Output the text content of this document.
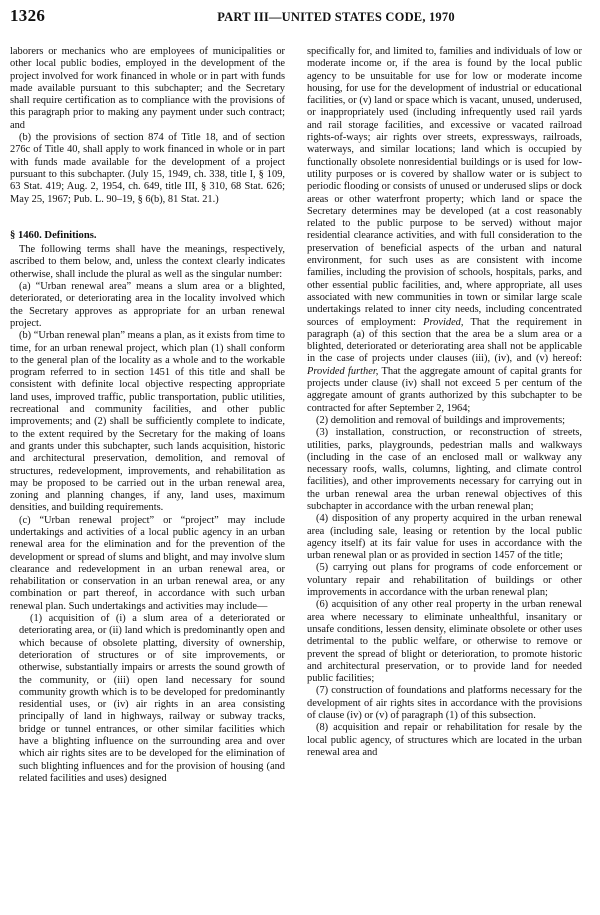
1326	PART III—UNITED STATES CODE, 1970

laborers or mechanics who are employees of municipalities or other local public bodies, employed in the development of the project involved for work financed in whole or in part with funds made available pursuant to this subchapter; and the Secretary shall require certification as to compliance with the provisions of this paragraph prior to making any payment under such contract; and

(b) the provisions of section 874 of Title 18, and of section 276c of Title 40, shall apply to work financed in whole or in part with funds made available for the development of a project pursuant to this subchapter. (July 15, 1949, ch. 338, title I, § 109, 63 Stat. 419; Aug. 2, 1954, ch. 649, title III, § 310, 68 Stat. 626; May 25, 1967; Pub. L. 90–19, § 6(b), 81 Stat. 21.)

§ 1460. Definitions.

The following terms shall have the meanings, respectively, ascribed to them below, and, unless the context clearly indicates otherwise, shall include the plural as well as the singular number:

(a) “Urban renewal area” means a slum area or a blighted, deteriorated, or deteriorating area in the locality involved which the Secretary approves as appropriate for an urban renewal project.

(b) “Urban renewal plan” means a plan, as it exists from time to time, for an urban renewal project, which plan (1) shall conform to the general plan of the locality as a whole and to the workable program referred to in section 1451 of this title and shall be consistent with definite local objective respecting appropriate land uses, improved traffic, public transportation, public utilities, recreational and community facilities, and other public improvements; and (2) shall be sufficiently complete to indicate, to the extent required by the Secretary for the making of loans and grants under this subchapter, such lands acquisition, historic and architectural preservation, demolition, and removal of structures, redevelopment, improvements, and rehabilitation as may be proposed to be carried out in the urban renewal area, zoning and planning changes, if any, land uses, maximum densities, and building requirements.

(c) “Urban renewal project” or “project” may include undertakings and activities of a local public agency in an urban renewal area for the elimination and for the prevention of the development or spread of slums and blight, and may involve slum clearance and redevelopment in an urban renewal area, or rehabilitation or conservation in an urban renewal area, or any combination or part thereof, in accordance with such urban renewal plan. Such undertakings and activities may include—

(1) acquisition of (i) a slum area of a deteriorated or deteriorating area, or (ii) land which is predominantly open and which because of obsolete platting, diversity of ownership, deterioration of structures or of site improvements, or otherwise, substantially impairs or arrests the sound growth of the community, or (iii) open land necessary for sound community growth which is to be developed for predominantly residential uses, or (iv) air rights in an area consisting principally of land in highways, railway or subway tracks, bridge or tunnel entrances, or other similar facilities which have a blighting influence on the surrounding area and over which air rights sites are to be developed for the elimination of such blighting influences and for the provision of housing (and related facilities and uses) designed

specifically for, and limited to, families and individuals of low or moderate income or, if the area is found by the local public agency to be unsuitable for use for low or moderate income housing, for use for the development of industrial or educational facilities, or (v) land or space which is vacant, unused, underused, or inappropriately used (including infrequently used rail yards and rail storage facilities, and excessive or vacated railroad rights-of-ways; air rights over streets, expressways, railroads, waterways, and similar locations; land which is occupied by functionally obsolete nonresidential buildings or is used for low-utility purposes or is covered by shallow water or is subject to periodic flooding or consists of unused or underused slips or dock areas or other waterfront property; which land or space the Secretary determines may be developed (at a cost reasonably related to the public purpose to be served) without major residential clearance activities, and with full consideration to the preservation of beneficial aspects of the urban and natural environment, for such uses as are consistent with income families, including the provision of schools, hospitals, parks, and other essential public facilities, and, where appropriate, all uses associated with new communities in town or similar large scale undertakings related to inner city needs, including concentrated sources of employment: Provided, That the requirement in paragraph (a) of this section that the area be a slum area or a blighted, deteriorated or deteriorating area shall not be applicable in the case of projects under clauses (iii), (iv), and (v) hereof: Provided further, That the aggregate amount of capital grants for projects under clause (iv) shall not exceed 5 per centum of the aggregate amount of grants authorized by this subchapter to be contracted for after September 2, 1964;

(2) demolition and removal of buildings and improvements;

(3) installation, construction, or reconstruction of streets, utilities, parks, playgrounds, pedestrian malls and walkways (including in the case of an enclosed mall or walkway any necessary roofs, walls, columns, lighting, and climate control facilities), and other improvements necessary for carrying out in the urban renewal area the urban renewal objectives of this subchapter in accordance with the urban renewal plan;

(4) disposition of any property acquired in the urban renewal area (including sale, leasing or retention by the local public agency itself) at its fair value for uses in accordance with the urban renewal plan or as provided in section 1457 of the title;

(5) carrying out plans for programs of code enforcement or voluntary repair and rehabilitation of buildings or other improvements in accordance with the urban renewal plan;

(6) acquisition of any other real property in the urban renewal area where necessary to eliminate unhealthful, insanitary or unsafe conditions, lessen density, eliminate obsolete or other uses detrimental to the public welfare, or otherwise to remove or prevent the spread of blight or deterioration, to promote historic and architectural preservation, or to provide land for needed public facilities;

(7) construction of foundations and platforms necessary for the development of air rights sites in accordance with the provisions of clause (iv) or (v) of paragraph (1) of this subsection.

(8) acquisition and repair or rehabilitation for resale by the local public agency, of structures which are located in the urban renewal area and
